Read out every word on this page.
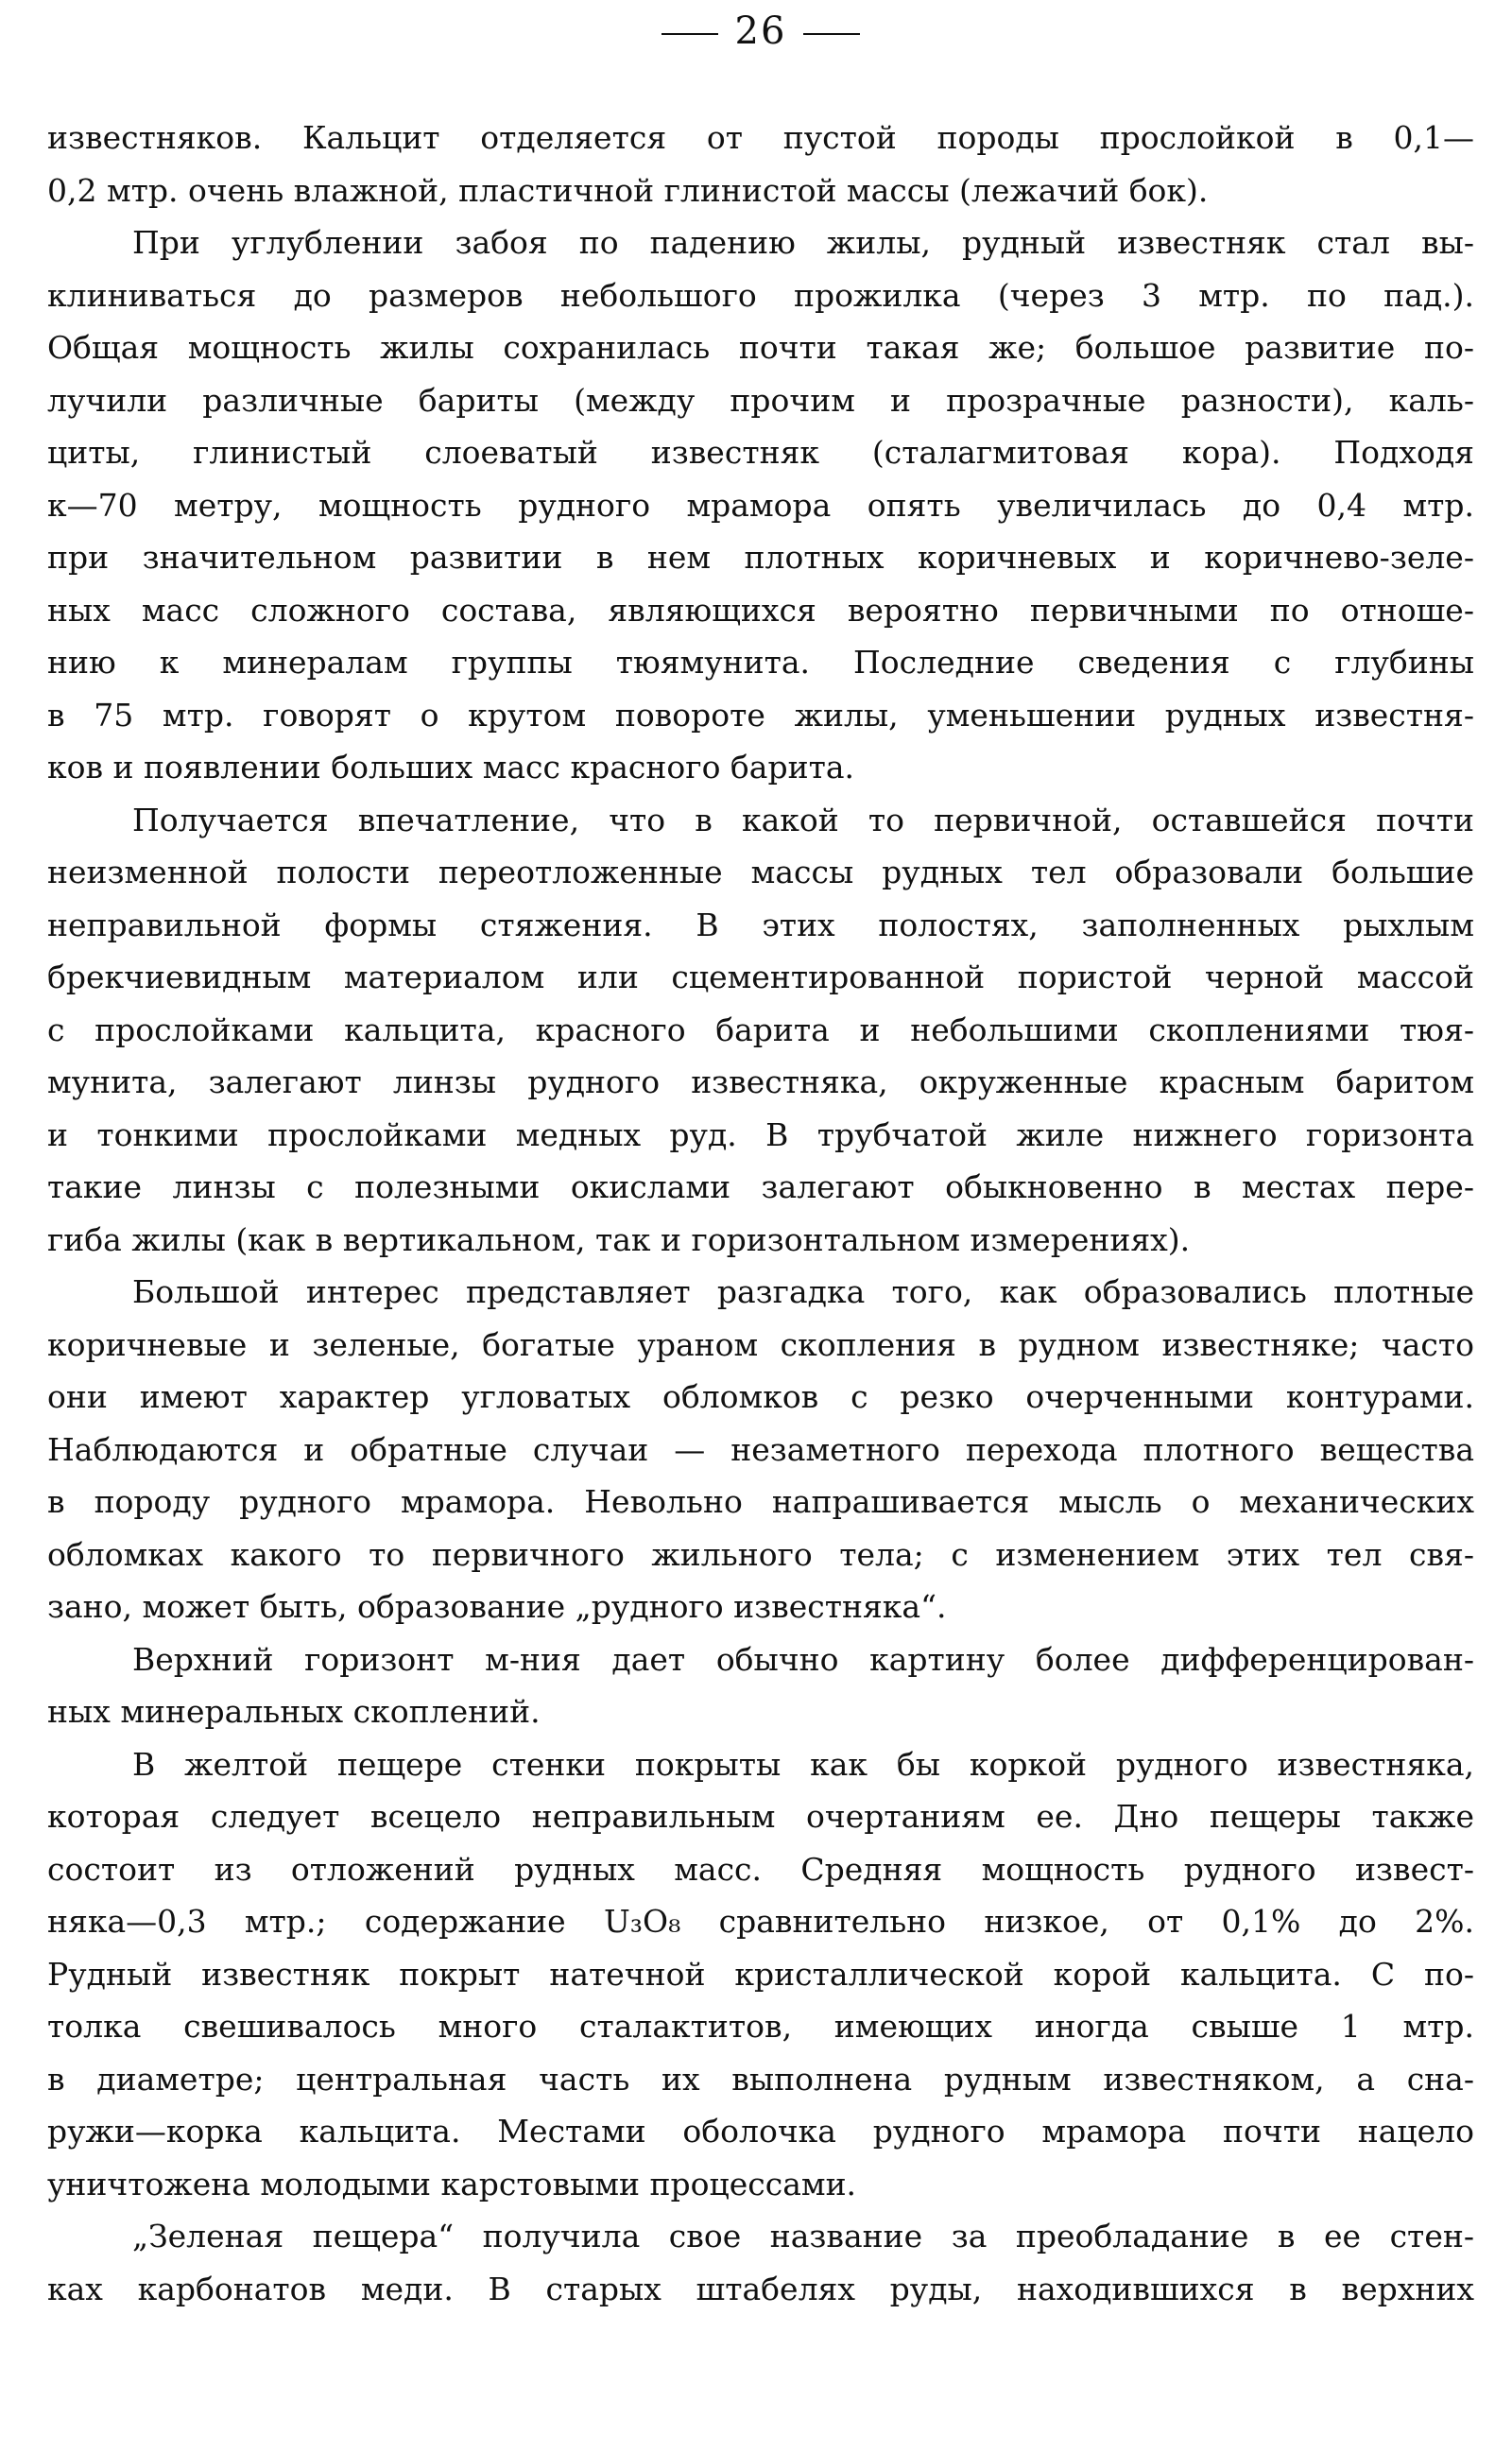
26
известняков. Кальцит отделяется от пустой породы прослойкой в 0,1—
0,2 мтр. очень влажной, пластичной глинистой массы (лежачий бок).
При углублении забоя по падению жилы, рудный известняк стал вы-
клиниваться до размеров небольшого прожилка (через 3 мтр. по пад.).
Общая мощность жилы сохранилась почти такая же; большое развитие по-
лучили различные бариты (между прочим и прозрачные разности), каль-
циты, глинистый слоеватый известняк (сталагмитовая кора). Подходя
к—70 метру, мощность рудного мрамора опять увеличилась до 0,4 мтр.
при значительном развитии в нем плотных коричневых и коричнево-зеле-
ных масс сложного состава, являющихся вероятно первичными по отноше-
нию к минералам группы тюямунита. Последние сведения с глубины
в 75 мтр. говорят о крутом повороте жилы, уменьшении рудных известня-
ков и появлении больших масс красного барита.
Получается впечатление, что в какой то первичной, оставшейся почти
неизменной полости переотложенные массы рудных тел образовали большие
неправильной формы стяжения. В этих полостях, заполненных рыхлым
брекчиевидным материалом или сцементированной пористой черной массой
с прослойками кальцита, красного барита и небольшими скоплениями тюя-
мунита, залегают линзы рудного известняка, окруженные красным баритом
и тонкими прослойками медных руд. В трубчатой жиле нижнего горизонта
такие линзы с полезными окислами залегают обыкновенно в местах пере-
гиба жилы (как в вертикальном, так и горизонтальном измерениях).
Большой интерес представляет разгадка того, как образовались плотные
коричневые и зеленые, богатые ураном скопления в рудном известняке; часто
они имеют характер угловатых обломков с резко очерченными контурами.
Наблюдаются и обратные случаи — незаметного перехода плотного вещества
в породу рудного мрамора. Невольно напрашивается мысль о механических
обломках какого то первичного жильного тела; с изменением этих тел свя-
зано, может быть, образование „рудного известняка“.
Верхний горизонт м-ния дает обычно картину более дифференцирован-
ных минеральных скоплений.
В желтой пещере стенки покрыты как бы коркой рудного известняка,
которая следует всецело неправильным очертаниям ее. Дно пещеры также
состоит из отложений рудных масс. Средняя мощность рудного извест-
няка—0,3 мтр.; содержание U₃O₈ сравнительно низкое, от 0,1% до 2%.
Рудный известняк покрыт натечной кристаллической корой кальцита. С по-
толка свешивалось много сталактитов, имеющих иногда свыше 1 мтр.
в диаметре; центральная часть их выполнена рудным известняком, а сна-
ружи—корка кальцита. Местами оболочка рудного мрамора почти нацело
уничтожена молодыми карстовыми процессами.
„Зеленая пещера“ получила свое название за преобладание в ее стен-
ках карбонатов меди. В старых штабелях руды, находившихся в верхних
